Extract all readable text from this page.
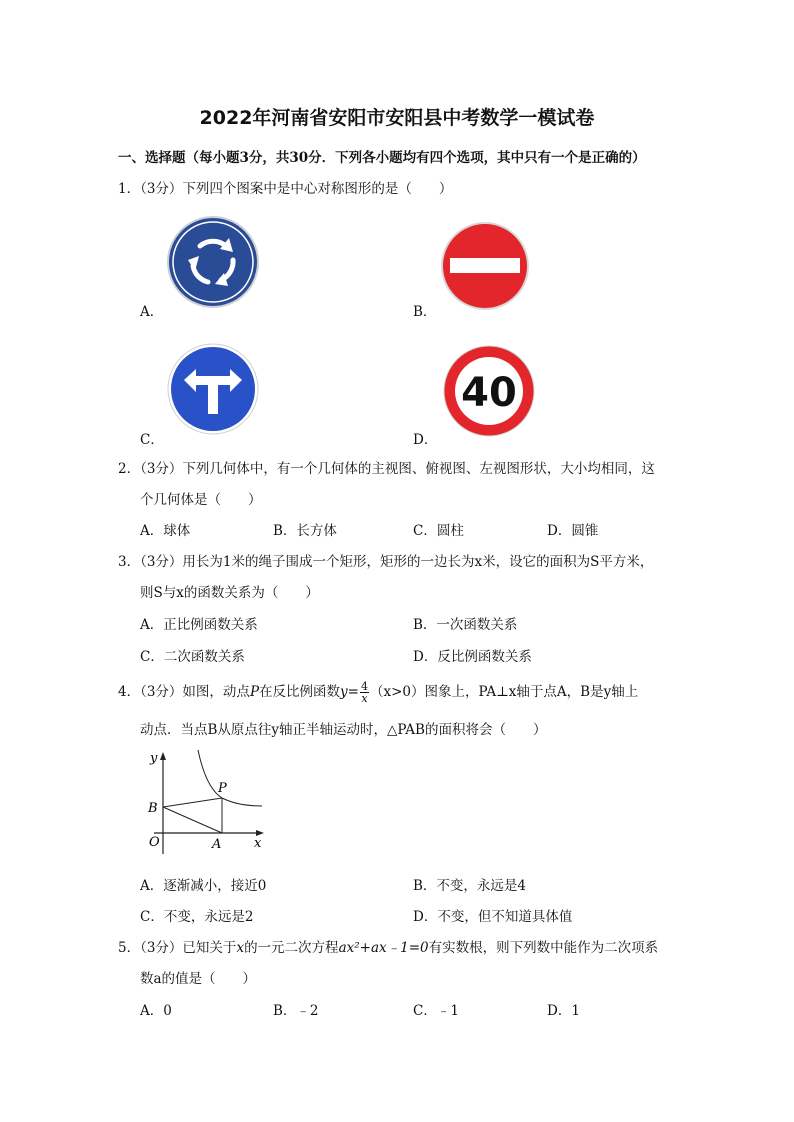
2022年河南省安阳市安阳县中考数学一模试卷
一、选择题（每小题3分，共30分．下列各小题均有四个选项，其中只有一个是正确的）
1．（3分）下列四个图案中是中心对称图形的是（　　）
A．	B．
C．
40
D．
2．（3分）下列几何体中，有一个几何体的主视图、俯视图、左视图形状，大小均相同，这
个几何体是（　　）
A．球体	B．长方体	C．圆柱	D．圆锥
3．（3分）用长为1米的绳子围成一个矩形，矩形的一边长为x米，设它的面积为S平方米，
则S与x的函数关系为（　　）
A．正比例函数关系	B．一次函数关系
C．二次函数关系	D．反比例函数关系
4．（3分）如图，动点P在反比例函数$y= \frac{4}{x} (x>0)$图象上，PA⊥x轴于点A，B是y轴上
动点．当点B从原点往y轴正半轴运动时，△PAB的面积将会（　　）
y
x
O	A
B
P
A．逐渐减小，接近0	B．不变，永远是4
C．不变，永远是2	D．不变，但不知道具体值
5．（3分）已知关于x的一元二次方程ax²+ax﹣1=0有实数根，则下列数中能作为二次项系
数a的值是（　　）
A．0	B．﹣2	C．﹣1	D．1
